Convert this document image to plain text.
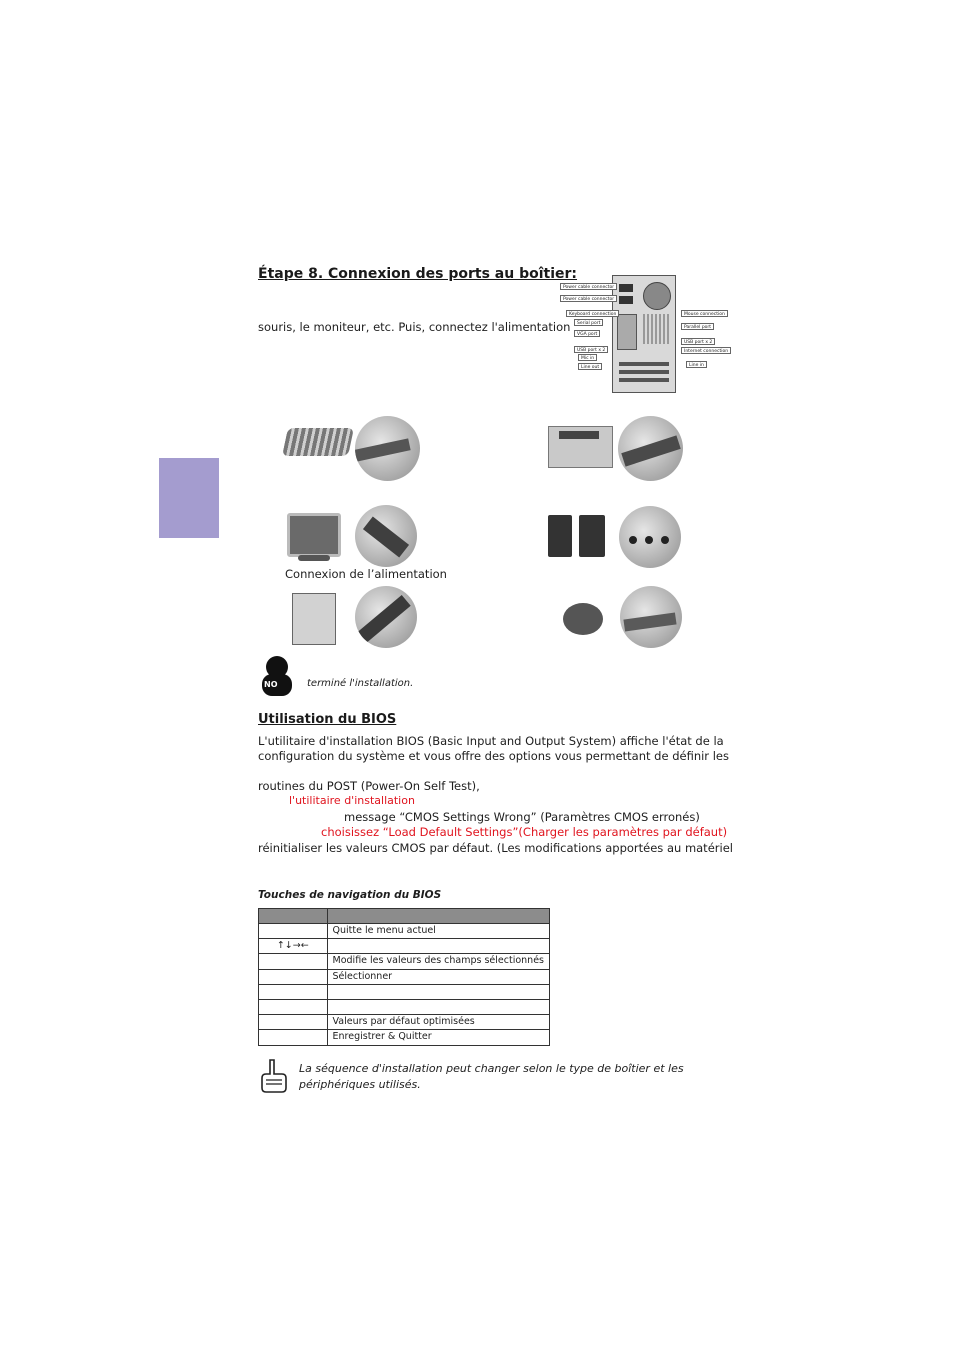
Étape 8. Connexion des ports au boîtier:
souris, le moniteur, etc. Puis, connectez l'alimentation
Power cable connector
Power cable connector
Keyboard connection
Serial port
VGA port
USB port x 2
Mic in
Line out
Mouse connection
Parallel port
USB port x 2
Internet connection
Line in
Connexion de l’alimentation
NO	terminé l'installation.
Utilisation du BIOS
L'utilitaire d'installation BIOS (Basic Input and Output System) affiche l'état de la
configuration du système et vous offre des options vous permettant de définir les
routines du POST (Power-On Self Test),
l'utilitaire d'installation
message “CMOS Settings Wrong” (Paramètres CMOS erronés)
choisissez “Load Default Settings”(Charger les paramètres par défaut)
réinitialiser les valeurs CMOS par défaut. (Les modifications apportées au matériel
Touches de navigation du BIOS

	Quitte le menu actuel
↑↓→←	
	Modifie les valeurs des champs sélectionnés
	Sélectionner

	Valeurs par défaut optimisées
	Enregistrer & Quitter
La séquence d'installation peut changer selon le type de boîtier et les
périphériques utilisés.
